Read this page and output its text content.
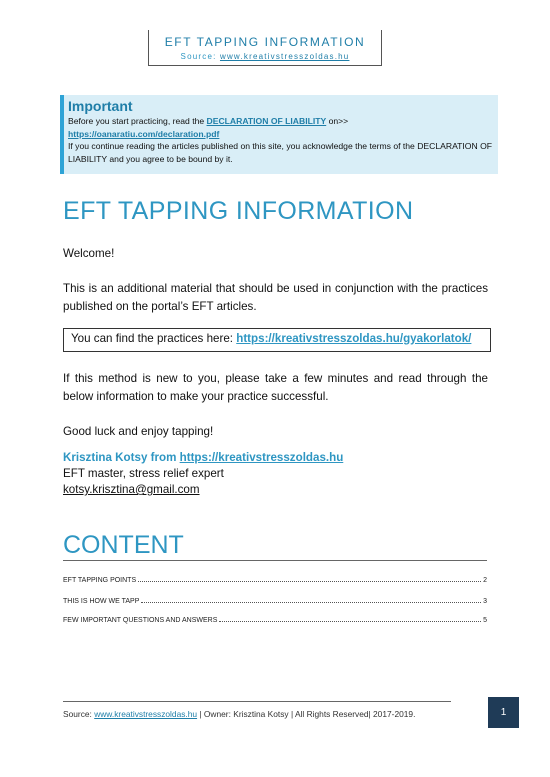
EFT TAPPING INFORMATION
Source: www.kreativstresszoldas.hu
Important
Before you start practicing, read the DECLARATION OF LIABILITY on>>
https://oanaratiu.com/declaration.pdf
If you continue reading the articles published on this site, you acknowledge the terms of the DECLARATION OF LIABILITY and you agree to be bound by it.
EFT TAPPING INFORMATION
Welcome!
This is an additional material that should be used in conjunction with the practices published on the portal’s EFT articles.
You can find the practices here: https://kreativstresszoldas.hu/gyakorlatok/
If this method is new to you, please take a few minutes and read through the below information to make your practice successful.
Good luck and enjoy tapping!
Krisztina Kotsy from https://kreativstresszoldas.hu
EFT master, stress relief expert
kotsy.krisztina@gmail.com
CONTENT
EFT TAPPING POINTS	2
THIS IS HOW WE TAPP	3
FEW IMPORTANT QUESTIONS AND ANSWERS	5
1
Source: www.kreativstresszoldas.hu | Owner: Krisztina Kotsy | All Rights Reserved| 2017-2019.
